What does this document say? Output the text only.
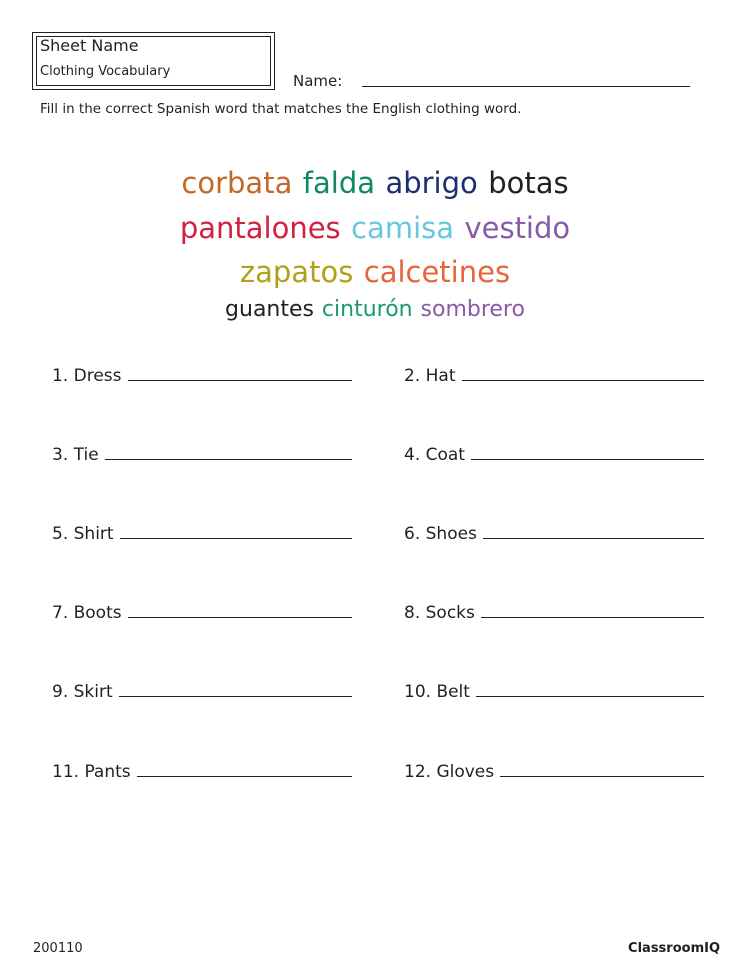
Sheet Name
Clothing Vocabulary
Name:
Fill in the correct Spanish word that matches the English clothing word.
corbata falda abrigo botas
pantalones camisa vestido
zapatos calcetines
guantes cinturón sombrero
1. Dress	2. Hat
3. Tie	4. Coat
5. Shirt	6. Shoes
7. Boots	8. Socks
9. Skirt	10. Belt
11. Pants	12. Gloves
200110	ClassroomIQ
